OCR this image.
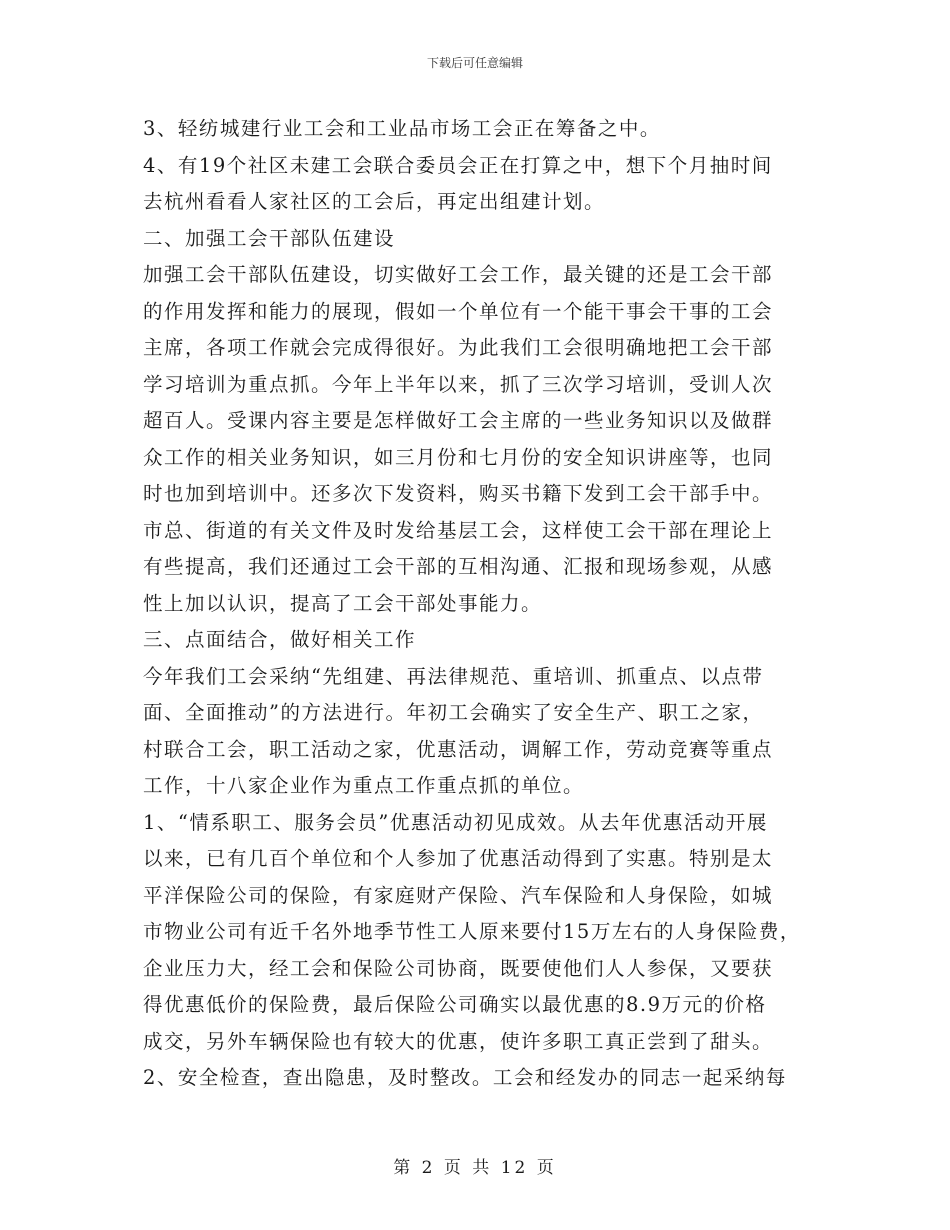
下载后可任意编辑
3、轻纺城建行业工会和工业品市场工会正在筹备之中。
4、有19个社区未建工会联合委员会正在打算之中，想下个月抽时间
去杭州看看人家社区的工会后，再定出组建计划。
二、加强工会干部队伍建设
加强工会干部队伍建设，切实做好工会工作，最关键的还是工会干部
的作用发挥和能力的展现，假如一个单位有一个能干事会干事的工会
主席，各项工作就会完成得很好。为此我们工会很明确地把工会干部
学习培训为重点抓。今年上半年以来，抓了三次学习培训，受训人次
超百人。受课内容主要是怎样做好工会主席的一些业务知识以及做群
众工作的相关业务知识，如三月份和七月份的安全知识讲座等，也同
时也加到培训中。还多次下发资料，购买书籍下发到工会干部手中。
市总、街道的有关文件及时发给基层工会，这样使工会干部在理论上
有些提高，我们还通过工会干部的互相沟通、汇报和现场参观，从感
性上加以认识，提高了工会干部处事能力。
三、点面结合，做好相关工作
今年我们工会采纳“先组建、再法律规范、重培训、抓重点、以点带
面、全面推动”的方法进行。年初工会确实了安全生产、职工之家，
村联合工会，职工活动之家，优惠活动，调解工作，劳动竞赛等重点
工作，十八家企业作为重点工作重点抓的单位。
1、“情系职工、服务会员”优惠活动初见成效。从去年优惠活动开展
以来，已有几百个单位和个人参加了优惠活动得到了实惠。特别是太
平洋保险公司的保险，有家庭财产保险、汽车保险和人身保险，如城
市物业公司有近千名外地季节性工人原来要付15万左右的人身保险费，
企业压力大，经工会和保险公司协商，既要使他们人人参保，又要获
得优惠低价的保险费，最后保险公司确实以最优惠的8.9万元的价格
成交，另外车辆保险也有较大的优惠，使许多职工真正尝到了甜头。
2、安全检查，查出隐患，及时整改。工会和经发办的同志一起采纳每
第 2 页 共 12 页
